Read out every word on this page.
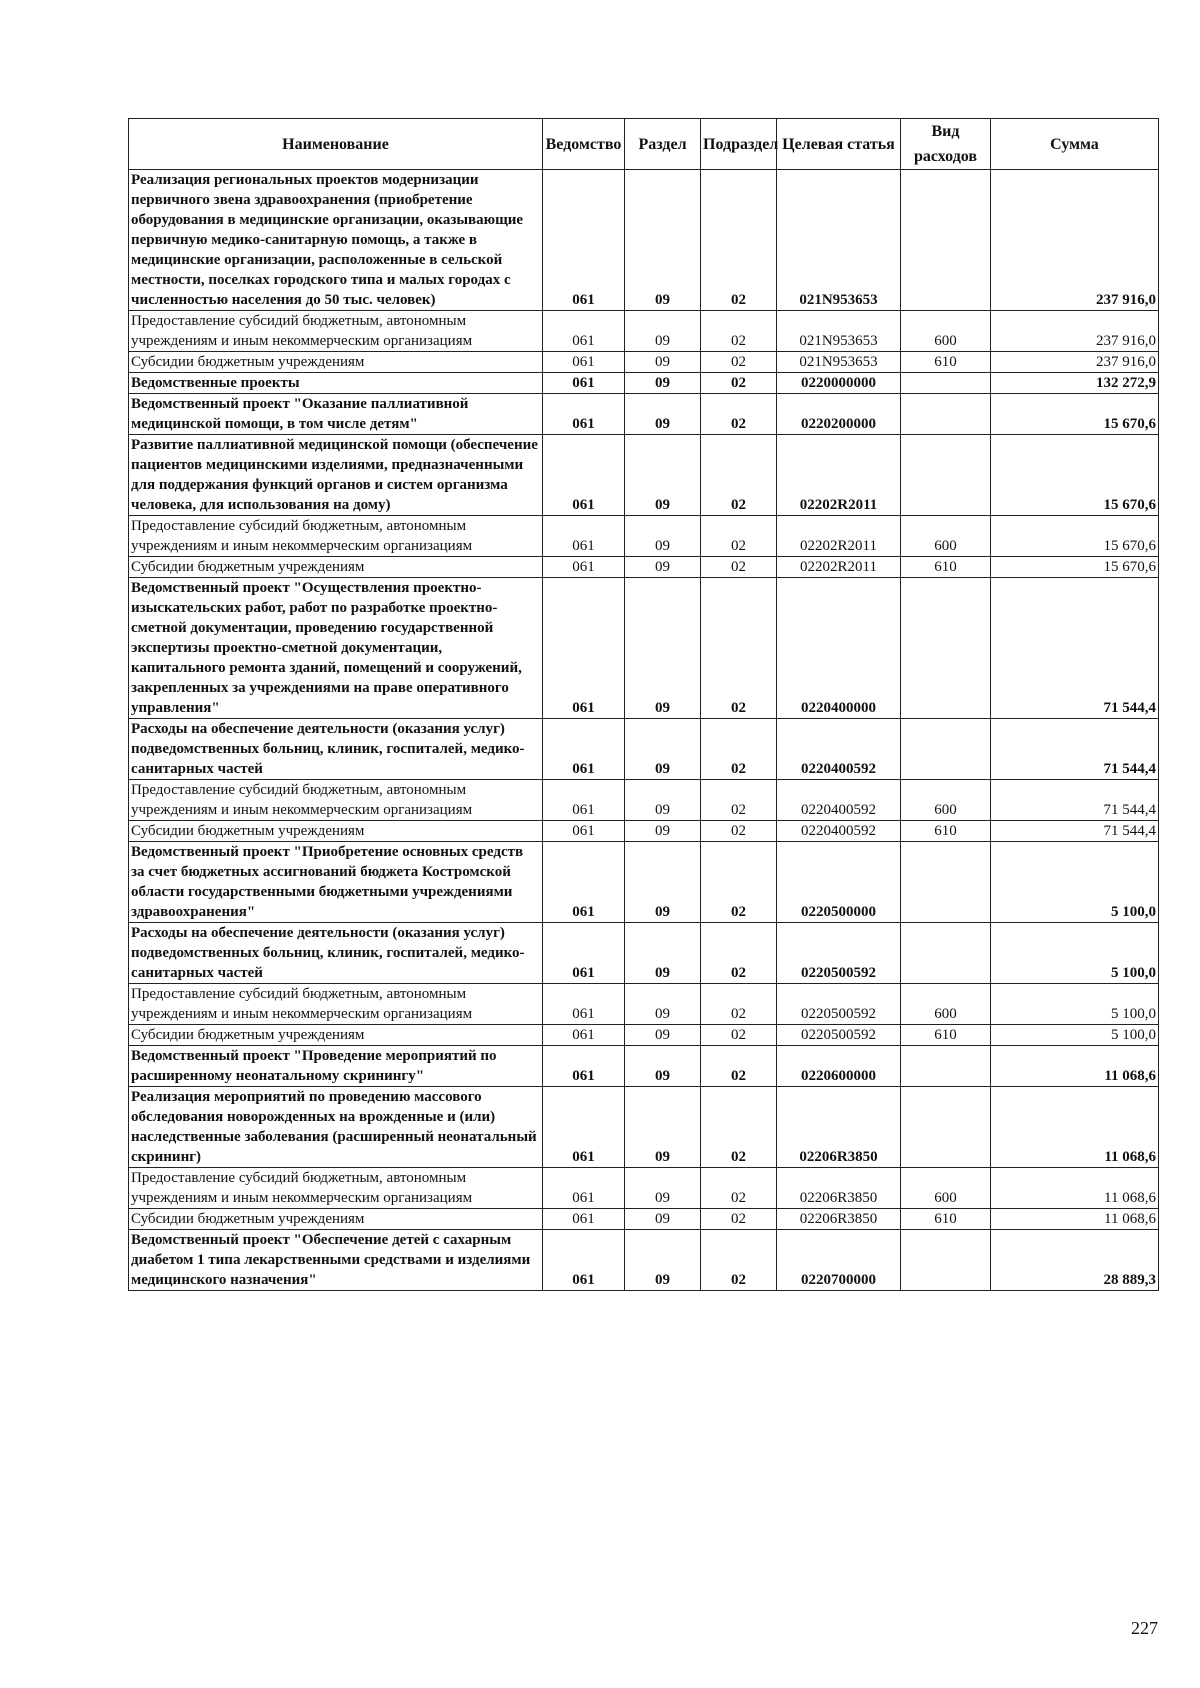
Наименование	Ведомство	Раздел	Подраздел	Целевая статья	Вид расходов	Сумма
Реализация региональных проектов модернизации первичного звена здравоохранения (приобретение оборудования в медицинские организации, оказывающие первичную медико-санитарную помощь, а также в медицинские организации, расположенные в сельской местности, поселках городского типа и малых городах с численностью населения до 50 тыс. человек)	061	09	02	021N953653		237 916,0
Предоставление субсидий бюджетным, автономным учреждениям и иным некоммерческим организациям	061	09	02	021N953653	600	237 916,0
Субсидии бюджетным учреждениям	061	09	02	021N953653	610	237 916,0
Ведомственные проекты	061	09	02	0220000000		132 272,9
Ведомственный проект "Оказание паллиативной медицинской помощи, в том числе детям"	061	09	02	0220200000		15 670,6
Развитие паллиативной медицинской помощи (обеспечение пациентов медицинскими изделиями, предназначенными для поддержания функций органов и систем организма человека, для использования на дому)	061	09	02	02202R2011		15 670,6
Предоставление субсидий бюджетным, автономным учреждениям и иным некоммерческим организациям	061	09	02	02202R2011	600	15 670,6
Субсидии бюджетным учреждениям	061	09	02	02202R2011	610	15 670,6
Ведомственный проект "Осуществления проектно-изыскательских работ, работ по разработке проектно-сметной документации, проведению государственной экспертизы проектно-сметной документации, капитального ремонта зданий, помещений и сооружений, закрепленных за учреждениями на праве оперативного управления"	061	09	02	0220400000		71 544,4
Расходы на обеспечение деятельности (оказания услуг) подведомственных больниц, клиник, госпиталей, медико-санитарных частей	061	09	02	0220400592		71 544,4
Предоставление субсидий бюджетным, автономным учреждениям и иным некоммерческим организациям	061	09	02	0220400592	600	71 544,4
Субсидии бюджетным учреждениям	061	09	02	0220400592	610	71 544,4
Ведомственный проект "Приобретение основных средств за счет бюджетных ассигнований бюджета Костромской области государственными бюджетными учреждениями здравоохранения"	061	09	02	0220500000		5 100,0
Расходы на обеспечение деятельности (оказания услуг) подведомственных больниц, клиник, госпиталей, медико-санитарных частей	061	09	02	0220500592		5 100,0
Предоставление субсидий бюджетным, автономным учреждениям и иным некоммерческим организациям	061	09	02	0220500592	600	5 100,0
Субсидии бюджетным учреждениям	061	09	02	0220500592	610	5 100,0
Ведомственный проект "Проведение мероприятий по расширенному неонатальному скринингу"	061	09	02	0220600000		11 068,6
Реализация мероприятий по проведению массового обследования новорожденных на врожденные и (или) наследственные заболевания (расширенный неонатальный скрининг)	061	09	02	02206R3850		11 068,6
Предоставление субсидий бюджетным, автономным учреждениям и иным некоммерческим организациям	061	09	02	02206R3850	600	11 068,6
Субсидии бюджетным учреждениям	061	09	02	02206R3850	610	11 068,6
Ведомственный проект "Обеспечение детей с сахарным диабетом 1 типа лекарственными средствами и изделиями медицинского назначения"	061	09	02	0220700000		28 889,3
227
